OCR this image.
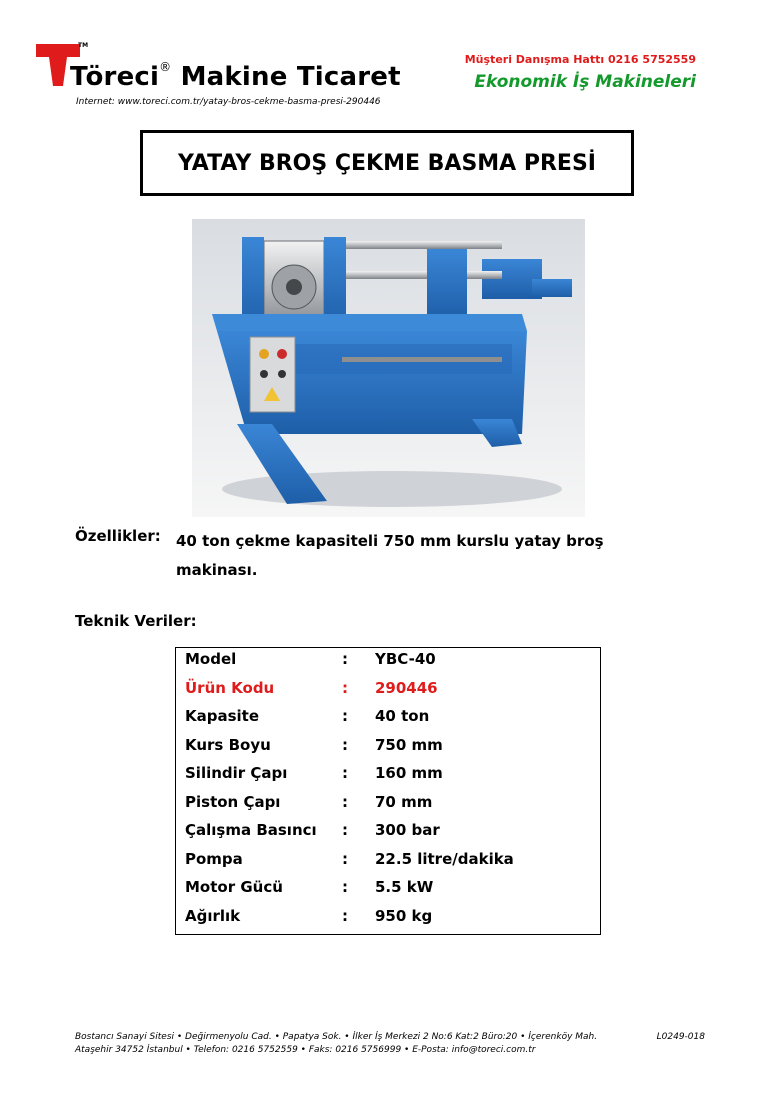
TM
Töreci® Makine Ticaret
Internet: www.toreci.com.tr/yatay-bros-cekme-basma-presi-290446
Müşteri Danışma Hattı 0216 5752559
Ekonomik İş Makineleri
YATAY BROŞ ÇEKME BASMA PRESİ
Özellikler: 40 ton çekme kapasiteli 750 mm kurslu yatay broş makinası.
Teknik Veriler:
Model	: YBC-40
Ürün Kodu	: 290446
Kapasite	: 40 ton
Kurs Boyu	: 750 mm
Silindir Çapı	: 160 mm
Piston Çapı	: 70 mm
Çalışma Basıncı : 300 bar
Pompa	: 22.5 litre/dakika
Motor Gücü	: 5.5 kW
Ağırlık	: 950 kg
Bostancı Sanayi Sitesi • Değirmenyolu Cad. • Papatya Sok. • İlker İş Merkezi 2 No:6 Kat:2 Büro:20 • İçerenköy Mah.
Ataşehir 34752 İstanbul • Telefon: 0216 5752559 • Faks: 0216 5756999 • E-Posta: info@toreci.com.tr
L0249-018
